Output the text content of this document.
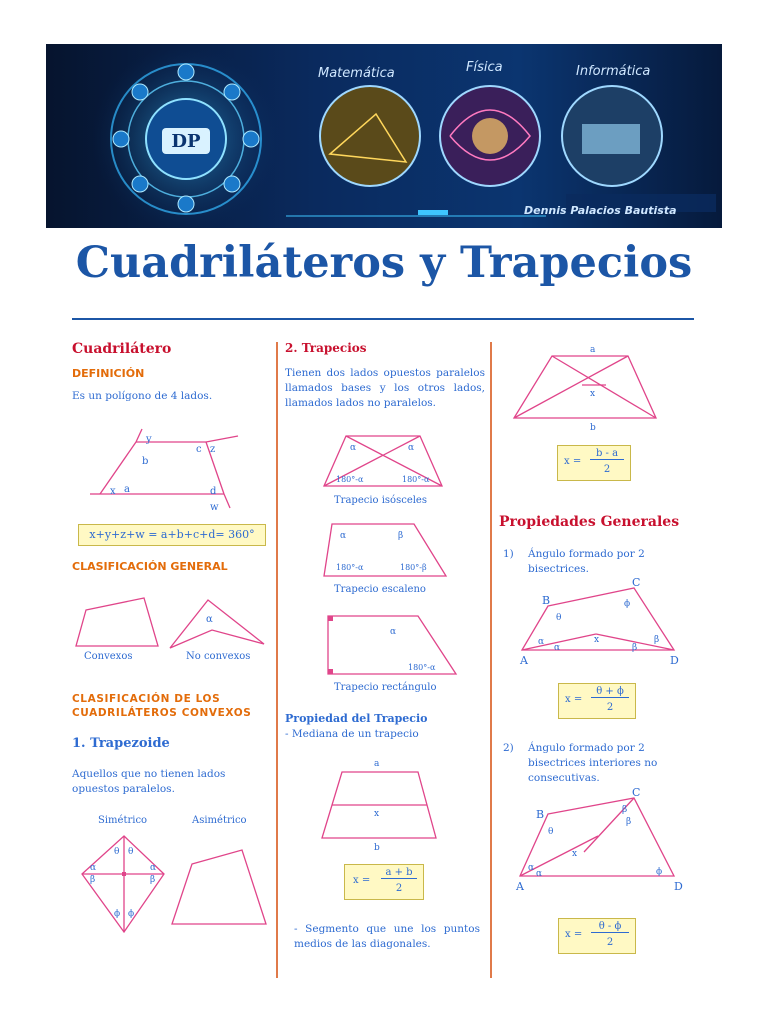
DP
Matemática	Física	Informática
Dennis Palacios Bautista
Cuadriláteros y Trapecios
Cuadrilátero
DEFINICIÓN
Es un polígono de 4 lados.
y
b
c z
x a	d
w
x+y+z+w = a+b+c+d= 360°
CLASIFICACIÓN GENERAL
α
Convexos	No convexos
CLASIFICACIÓN DE LOS CUADRILÁTEROS CONVEXOS
1. Trapezoide
Aquellos que no tienen lados opuestos paralelos.
Simétrico	Asimétrico
α	α
θ θ
β	β
ϕ ϕ
2. Trapecios
Tienen dos lados opuestos paralelos llamados bases y los otros lados, llamados lados no paralelos.
α	α
180°-α	180°-α
Trapecio isósceles
α	β
180°-α	180°-β
Trapecio escaleno
α
180°-α
Trapecio rectángulo
Propiedad del Trapecio
- Mediana de un trapecio
a
x
b
x =
a + b
2
- Segmento que une los puntos medios de las diagonales.
a
x
b
x =
b - a
2
Propiedades Generales
1) Ángulo formado por 2 bisectrices.
A
B
C
D
x
θ
ϕ
α
α	β
β
x =
θ + ϕ
2
2) Ángulo formado por 2 bisectrices interiores no consecutivas.
A
B
C
D
x
θ
ϕ
α
α
β
β
x =
θ - ϕ
2
